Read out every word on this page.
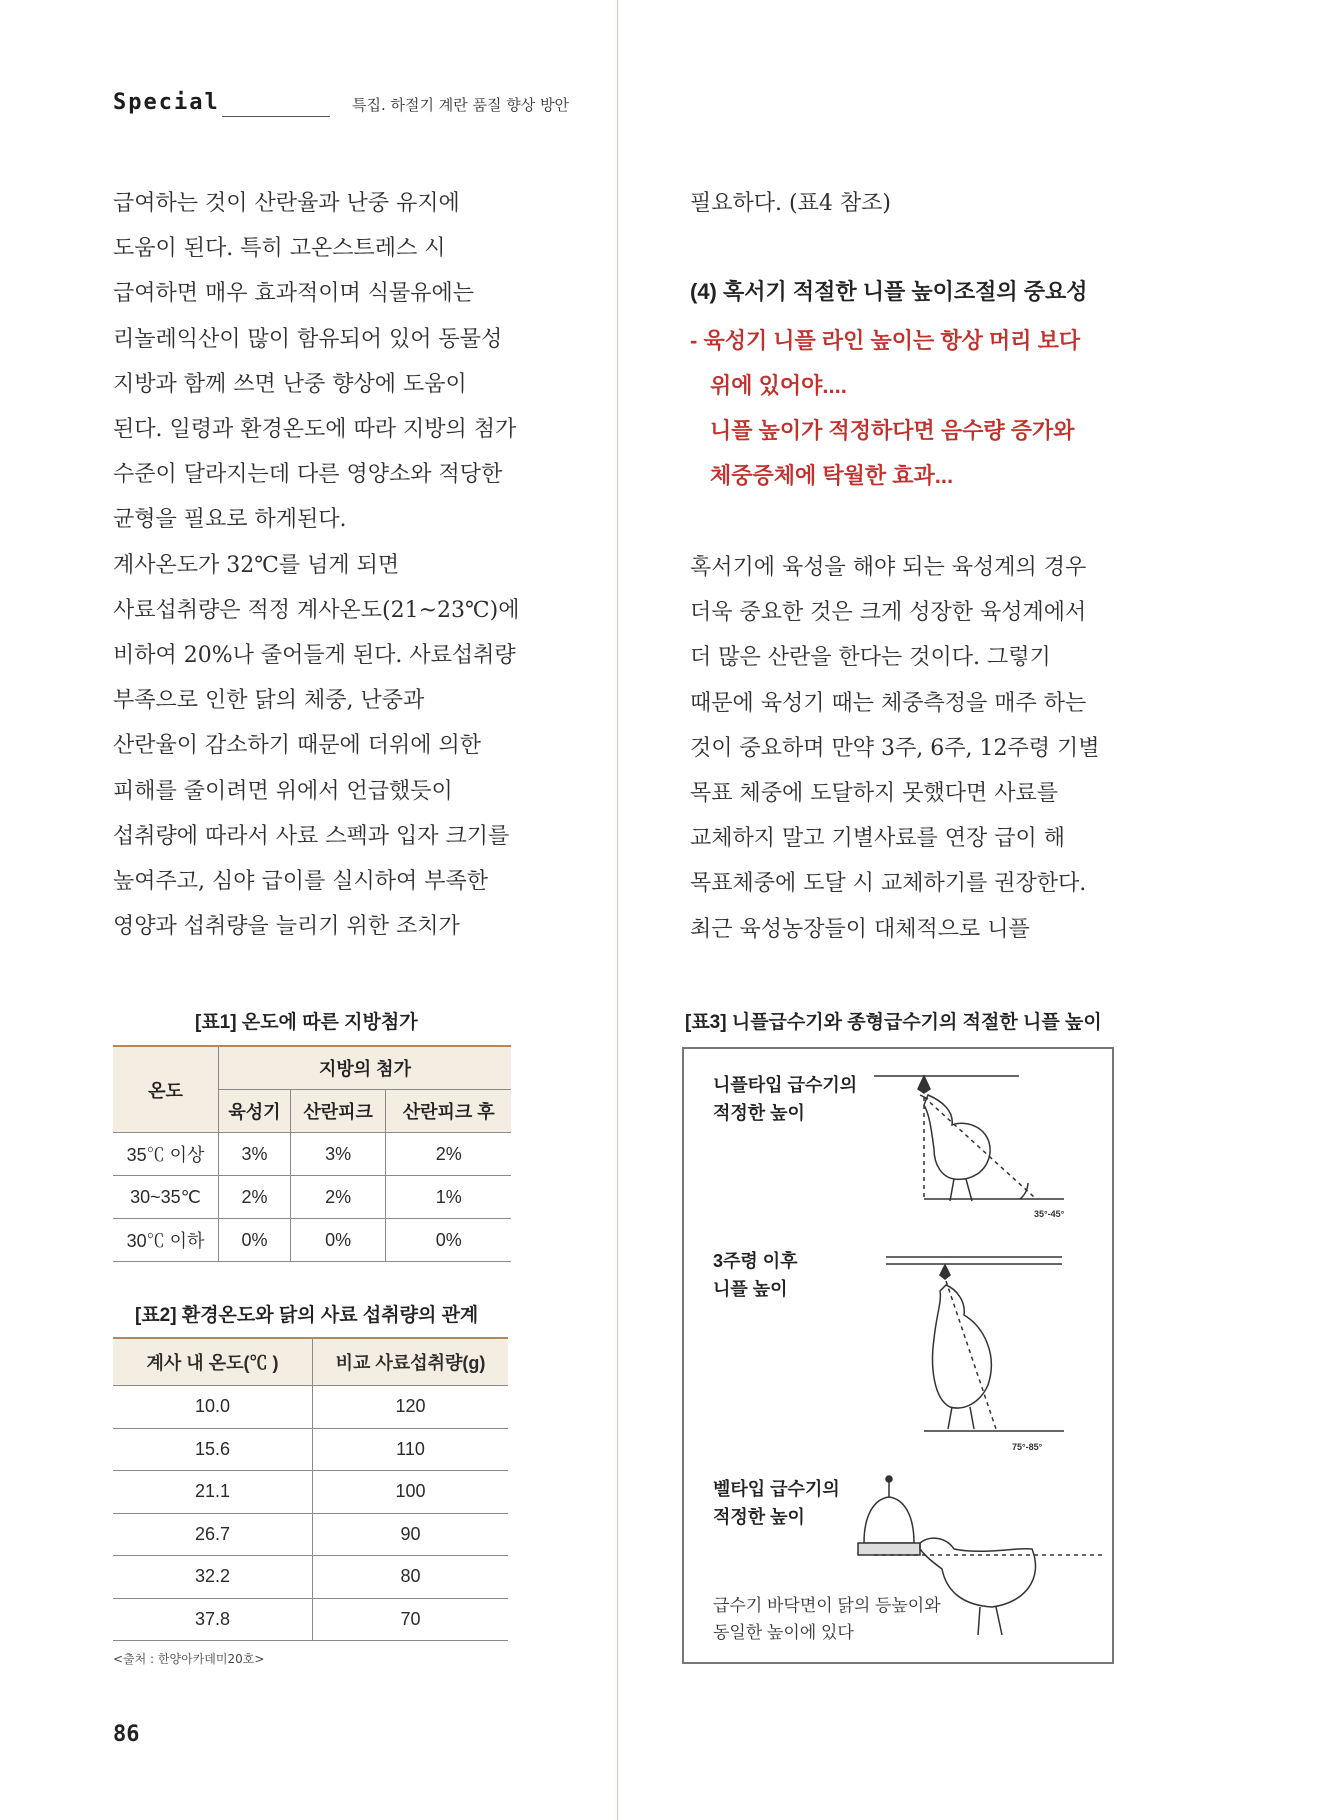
Special	특집. 하절기 계란 품질 향상 방안

급여하는 것이 산란율과 난중 유지에

도움이 된다. 특히 고온스트레스 시

급여하면 매우 효과적이며 식물유에는

리놀레익산이 많이 함유되어 있어 동물성

지방과 함께 쓰면 난중 향상에 도움이

된다. 일령과 환경온도에 따라 지방의 첨가

수준이 달라지는데 다른 영양소와 적당한

균형을 필요로 하게된다.

계사온도가 32℃를 넘게 되면

사료섭취량은 적정 계사온도(21~23℃)에

비하여 20%나 줄어들게 된다. 사료섭취량

부족으로 인한 닭의 체중, 난중과

산란율이 감소하기 때문에 더위에 의한

피해를 줄이려면 위에서 언급했듯이

섭취량에 따라서 사료 스펙과 입자 크기를

높여주고, 심야 급이를 실시하여 부족한

영양과 섭취량을 늘리기 위한 조치가

필요하다. (표4 참조)

(4) 혹서기 적절한 니플 높이조절의 중요성

- 육성기 니플 라인 높이는 항상 머리 보다

위에 있어야....

니플 높이가 적정하다면 음수량 증가와

체중증체에 탁월한 효과...

혹서기에 육성을 해야 되는 육성계의 경우

더욱 중요한 것은 크게 성장한 육성계에서

더 많은 산란을 한다는 것이다. 그렇기

때문에 육성기 때는 체중측정을 매주 하는

것이 중요하며 만약 3주, 6주, 12주령 기별

목표 체중에 도달하지 못했다면 사료를

교체하지 말고 기별사료를 연장 급이 해

목표체중에 도달 시 교체하기를 권장한다.

최근 육성농장들이 대체적으로 니플

[표1] 온도에 따른 지방첨가
온도	지방의 첨가		
	육성기	산란피크	산란피크 후
35℃ 이상	3%	3%	2%
30~35℃	2%	2%	1%
30℃ 이하	0%	0%	0%
[표2] 환경온도와 닭의 사료 섭취량의 관계
계사 내 온도(℃ )	비교 사료섭취량(g)
10.0	120
15.6	110
21.1	100
26.7	90
32.2	80
37.8	70
<출처 : 한양아카데미20호>
86
[표3] 니플급수기와 종형급수기의 적절한 니플 높이
니플타입 급수기의
적정한 높이
35°-45°
3주령 이후
니플 높이
75°-85°
벨타입 급수기의
적정한 높이
급수기 바닥면이 닭의 등높이와
동일한 높이에 있다
